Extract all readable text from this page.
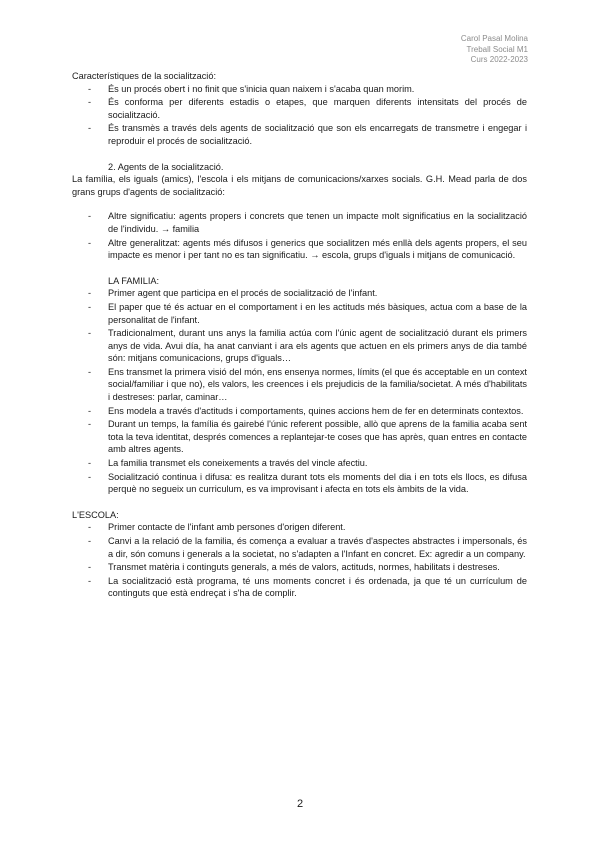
Carol Pasal Molina
Treball Social M1
Curs 2022-2023

Característiques de la socialització:

- És un procés obert i no finit que s'inicia quan naixem i s'acaba quan morim.
- És conforma per diferents estadis o etapes, que marquen diferents intensitats del procés de socialització.
- És transmès a través dels agents de socialització que son els encarregats de transmetre i engegar i reproduir el procés de socialització.

2. Agents de la socialització.

La família, els iguals (amics), l'escola i els mitjans de comunicacions/xarxes socials. G.H. Mead parla de dos grans grups d'agents de socialització:

- Altre significatiu: agents propers i concrets que tenen un impacte molt significatius en la socialització de l'individu. → familia
- Altre generalitzat: agents més difusos i generics que socialitzen més enllà dels agents propers, el seu impacte es menor i per tant no es tan significatiu. → escola, grups d'iguals i mitjans de comunicació.

LA FAMILIA:

- Primer agent que participa en el procés de socialització de l'infant.
- El paper que té és actuar en el comportament i en les actituds més bàsiques, actua com a base de la personalitat de l'infant.
- Tradicionalment, durant uns anys la familia actúa com l'únic agent de socialització durant els primers anys de vida. Avui día, ha anat canviant i ara els agents que actuen en els primers anys de dia també són: mitjans comunicacions, grups d'iguals…
- Ens transmet la primera visió del món, ens ensenya normes, límits (el que és acceptable en un context social/familiar i que no), els valors, les creences i els prejudicis de la familia/societat. A més d'habilitats i destreses: parlar, caminar…
- Ens modela a través d'actituds i comportaments, quines accions hem de fer en determinats contextos.
- Durant un temps, la família és gairebé l'únic referent possible, allò que aprens de la familia acaba sent tota la teva identitat, després comences a replantejar-te coses que has après, quan entres en contacte amb altres agents.
- La familia transmet els coneixements a través del vincle afectiu.
- Socialització continua i difusa: es realitza durant tots els moments del dia i en tots els llocs, es difusa perquè no segueix un curriculum, es va improvisant i afecta en tots els àmbits de la vida.

L'ESCOLA:

- Primer contacte de l'infant amb persones d'origen diferent.
- Canvi a la relació de la familia, és comença a evaluar a través d'aspectes abstractes i impersonals, és a dir, són comuns i generals a la societat, no s'adapten a l'Infant en concret. Ex: agredir a un company.
- Transmet matèria i continguts generals, a més de valors, actituds, normes, habilitats i destreses.
- La socialització està programa, té uns moments concret i és ordenada, ja que té un currículum de continguts que està endreçat i s'ha de complir.
2
